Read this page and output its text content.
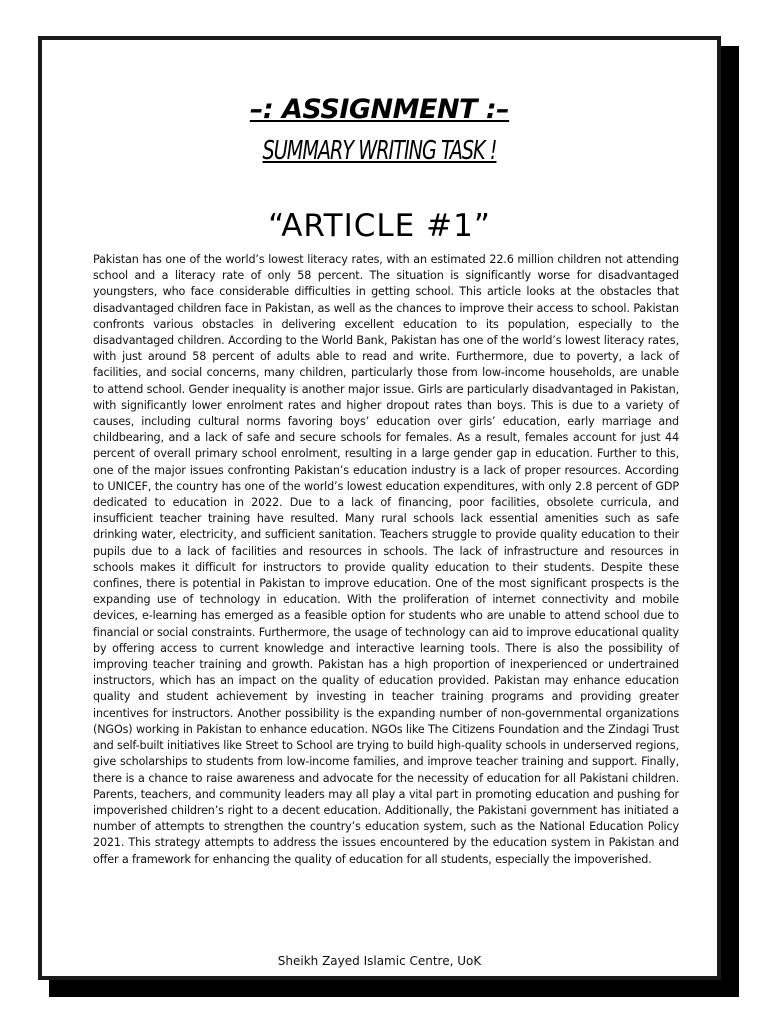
–: ASSIGNMENT :–
SUMMARY WRITING TASK !
“ARTICLE #1”
Pakistan has one of the world’s lowest literacy rates, with an estimated 22.6 million children not attending school and a literacy rate of only 58 percent. The situation is significantly worse for disadvantaged youngsters, who face considerable difficulties in getting school. This article looks at the obstacles that disadvantaged children face in Pakistan, as well as the chances to improve their access to school. Pakistan confronts various obstacles in delivering excellent education to its population, especially to the disadvantaged children. According to the World Bank, Pakistan has one of the world’s lowest literacy rates, with just around 58 percent of adults able to read and write. Furthermore, due to poverty, a lack of facilities, and social concerns, many children, particularly those from low-income households, are unable to attend school. Gender inequality is another major issue. Girls are particularly disadvantaged in Pakistan, with significantly lower enrolment rates and higher dropout rates than boys. This is due to a variety of causes, including cultural norms favoring boys’ education over girls’ education, early marriage and childbearing, and a lack of safe and secure schools for females. As a result, females account for just 44 percent of overall primary school enrolment, resulting in a large gender gap in education. Further to this, one of the major issues confronting Pakistan’s education industry is a lack of proper resources. According to UNICEF, the country has one of the world’s lowest education expenditures, with only 2.8 percent of GDP dedicated to education in 2022. Due to a lack of financing, poor facilities, obsolete curricula, and insufficient teacher training have resulted. Many rural schools lack essential amenities such as safe drinking water, electricity, and sufficient sanitation. Teachers struggle to provide quality education to their pupils due to a lack of facilities and resources in schools. The lack of infrastructure and resources in schools makes it difficult for instructors to provide quality education to their students. Despite these confines, there is potential in Pakistan to improve education. One of the most significant prospects is the expanding use of technology in education. With the proliferation of internet connectivity and mobile devices, e-learning has emerged as a feasible option for students who are unable to attend school due to financial or social constraints. Furthermore, the usage of technology can aid to improve educational quality by offering access to current knowledge and interactive learning tools. There is also the possibility of improving teacher training and growth. Pakistan has a high proportion of inexperienced or undertrained instructors, which has an impact on the quality of education provided. Pakistan may enhance education quality and student achievement by investing in teacher training programs and providing greater incentives for instructors. Another possibility is the expanding number of non-governmental organizations (NGOs) working in Pakistan to enhance education. NGOs like The Citizens Foundation and the Zindagi Trust and self-built initiatives like Street to School are trying to build high-quality schools in underserved regions, give scholarships to students from low-income families, and improve teacher training and support. Finally, there is a chance to raise awareness and advocate for the necessity of education for all Pakistani children. Parents, teachers, and community leaders may all play a vital part in promoting education and pushing for impoverished children’s right to a decent education. Additionally, the Pakistani government has initiated a number of attempts to strengthen the country’s education system, such as the National Education Policy 2021. This strategy attempts to address the issues encountered by the education system in Pakistan and offer a framework for enhancing the quality of education for all students, especially the impoverished.
Sheikh Zayed Islamic Centre, UoK
